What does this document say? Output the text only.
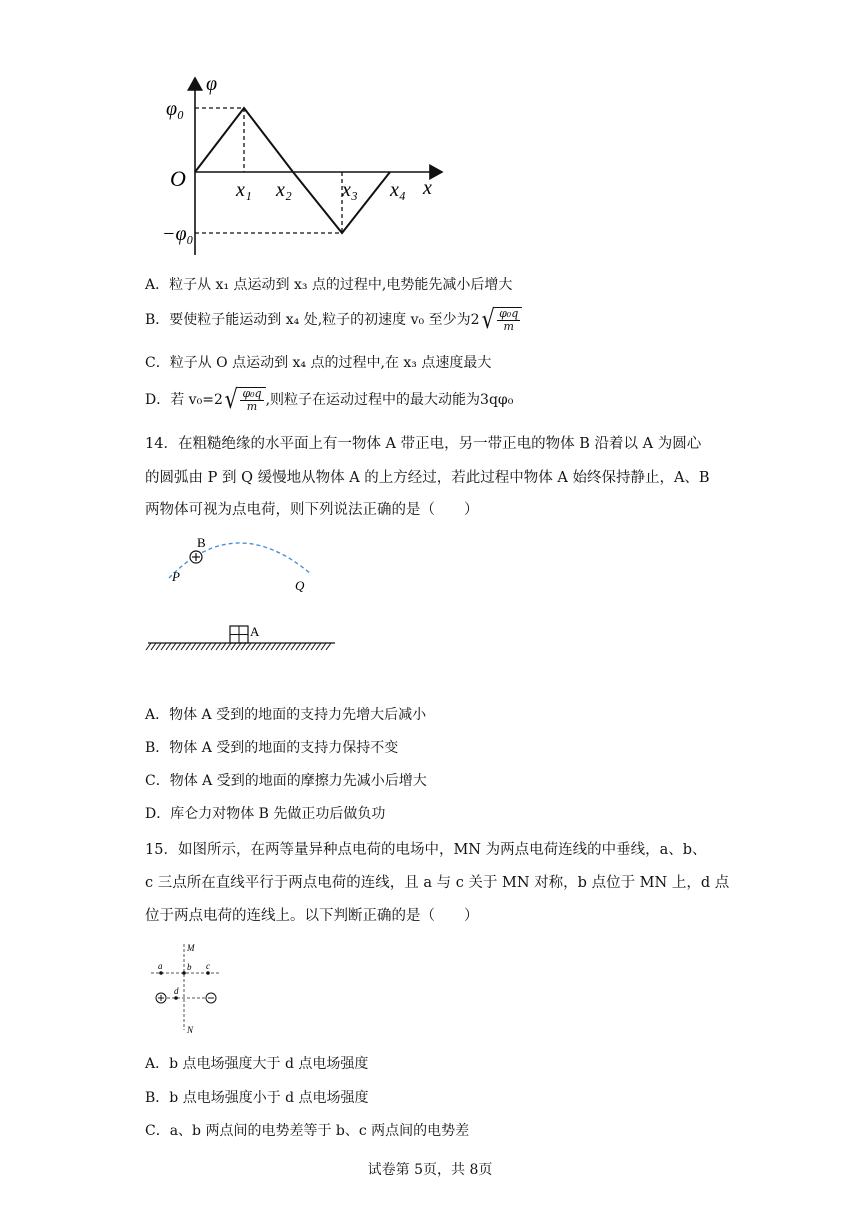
φ
φ₀
O
−φ₀
x₁ x₂	x₃ x₄ x
A．粒子从 x₁ 点运动到 x₃ 点的过程中,电势能先减小后增大
B．要使粒子能运动到 x₄ 处,粒子的初速度 v₀ 至少为2 √ $\frac{\text{φ₀q}}{m}$
C．粒子从 O 点运动到 x₄ 点的过程中,在 x₃ 点速度最大
D．若 v₀=2 √ $\frac{\text{φ₀q}}{m}$ ,则粒子在运动过程中的最大动能为3qφ₀
14．在粗糙绝缘的水平面上有一物体 A 带正电，另一带正电的物体 B 沿着以 A 为圆心
的圆弧由 P 到 Q 缓慢地从物体 A 的上方经过，若此过程中物体 A 始终保持静止，A、B
两物体可视为点电荷，则下列说法正确的是（　　）
B
P
Q
A
A．物体 A 受到的地面的支持力先增大后减小
B．物体 A 受到的地面的支持力保持不变
C．物体 A 受到的地面的摩擦力先减小后增大
D．库仑力对物体 B 先做正功后做负功
15．如图所示，在两等量异种点电荷的电场中，MN 为两点电荷连线的中垂线，a、b、
c 三点所在直线平行于两点电荷的连线，且 a 与 c 关于 MN 对称，b 点位于 MN 上，d 点
位于两点电荷的连线上。以下判断正确的是（　　）
M
N
a	b c
d
A．b 点电场强度大于 d 点电场强度
B．b 点电场强度小于 d 点电场强度
C．a、b 两点间的电势差等于 b、c 两点间的电势差
试卷第 5页，共 8页
